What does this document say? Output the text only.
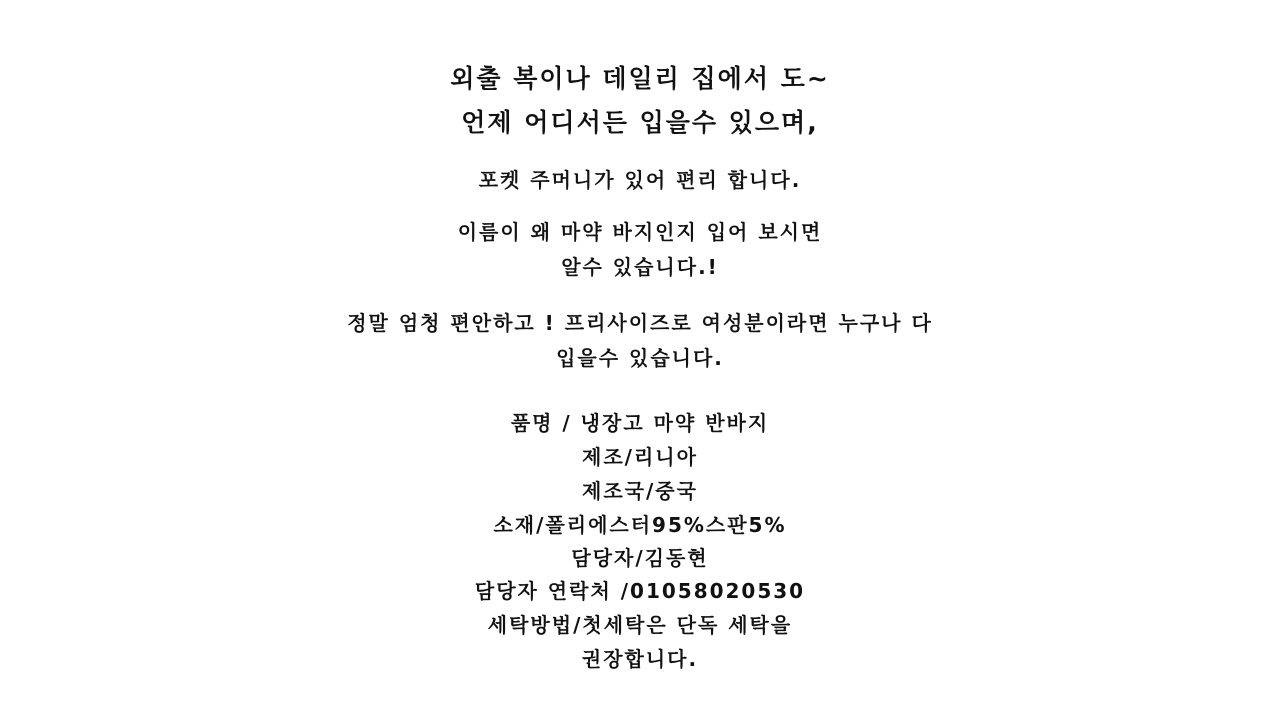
외출 복이나 데일리 집에서 도~
언제 어디서든 입을수 있으며,
포켓 주머니가 있어 편리 합니다.
이름이 왜 마약 바지인지 입어 보시면
알수 있습니다.!
정말 엄청 편안하고 ! 프리사이즈로 여성분이라면 누구나 다
입을수 있습니다.
품명 / 냉장고 마약 반바지
제조/리니아
제조국/중국
소재/폴리에스터95%스판5%
담당자/김동현
담당자 연락처 /01058020530
세탁방법/첫세탁은 단독 세탁을
권장합니다.
